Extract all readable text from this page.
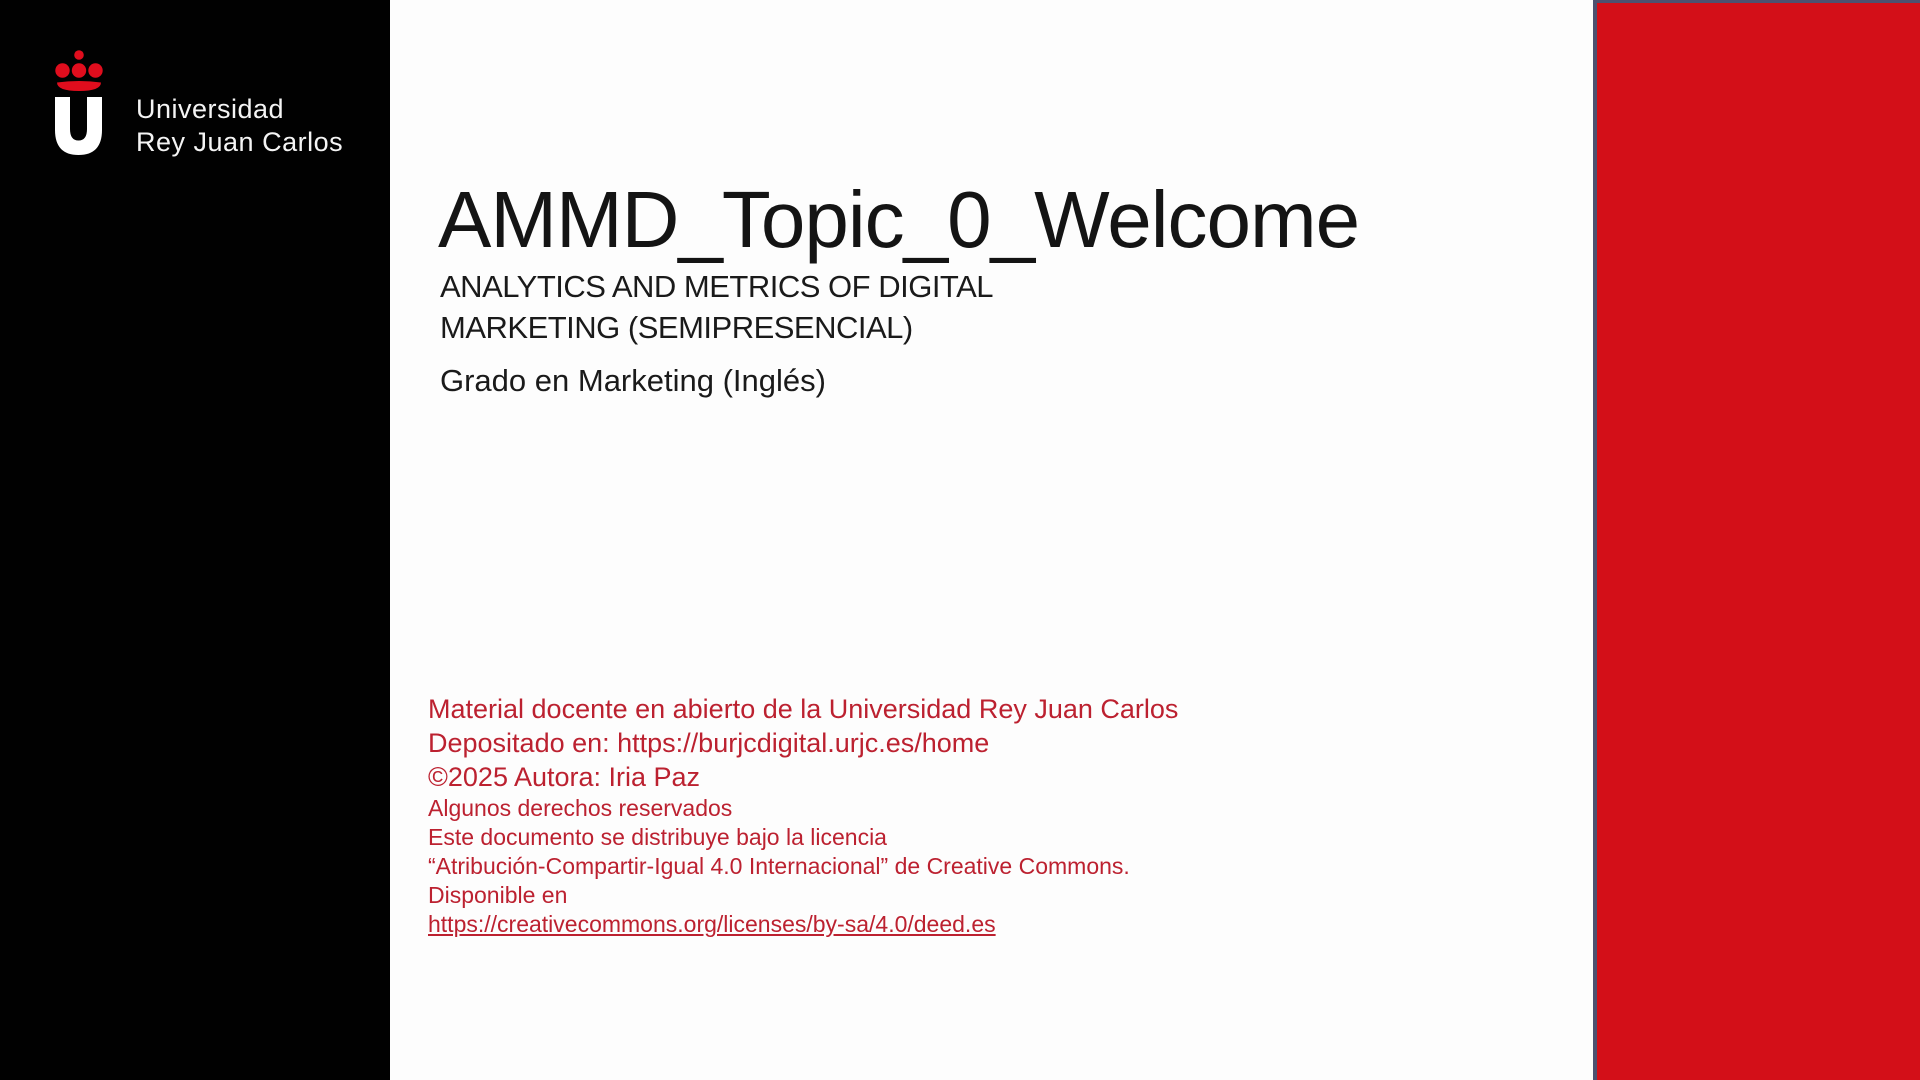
Universidad
Rey Juan Carlos
AMMD_Topic_0_Welcome
ANALYTICS AND METRICS OF DIGITAL
MARKETING (SEMIPRESENCIAL)
Grado en Marketing (Inglés)
Material docente en abierto de la Universidad Rey Juan Carlos
Depositado en: https://burjcdigital.urjc.es/home
©2025 Autora: Iria Paz
Algunos derechos reservados
Este documento se distribuye bajo la licencia
“Atribución-Compartir-Igual 4.0 Internacional” de Creative Commons.
Disponible en
https://creativecommons.org/licenses/by-sa/4.0/deed.es
